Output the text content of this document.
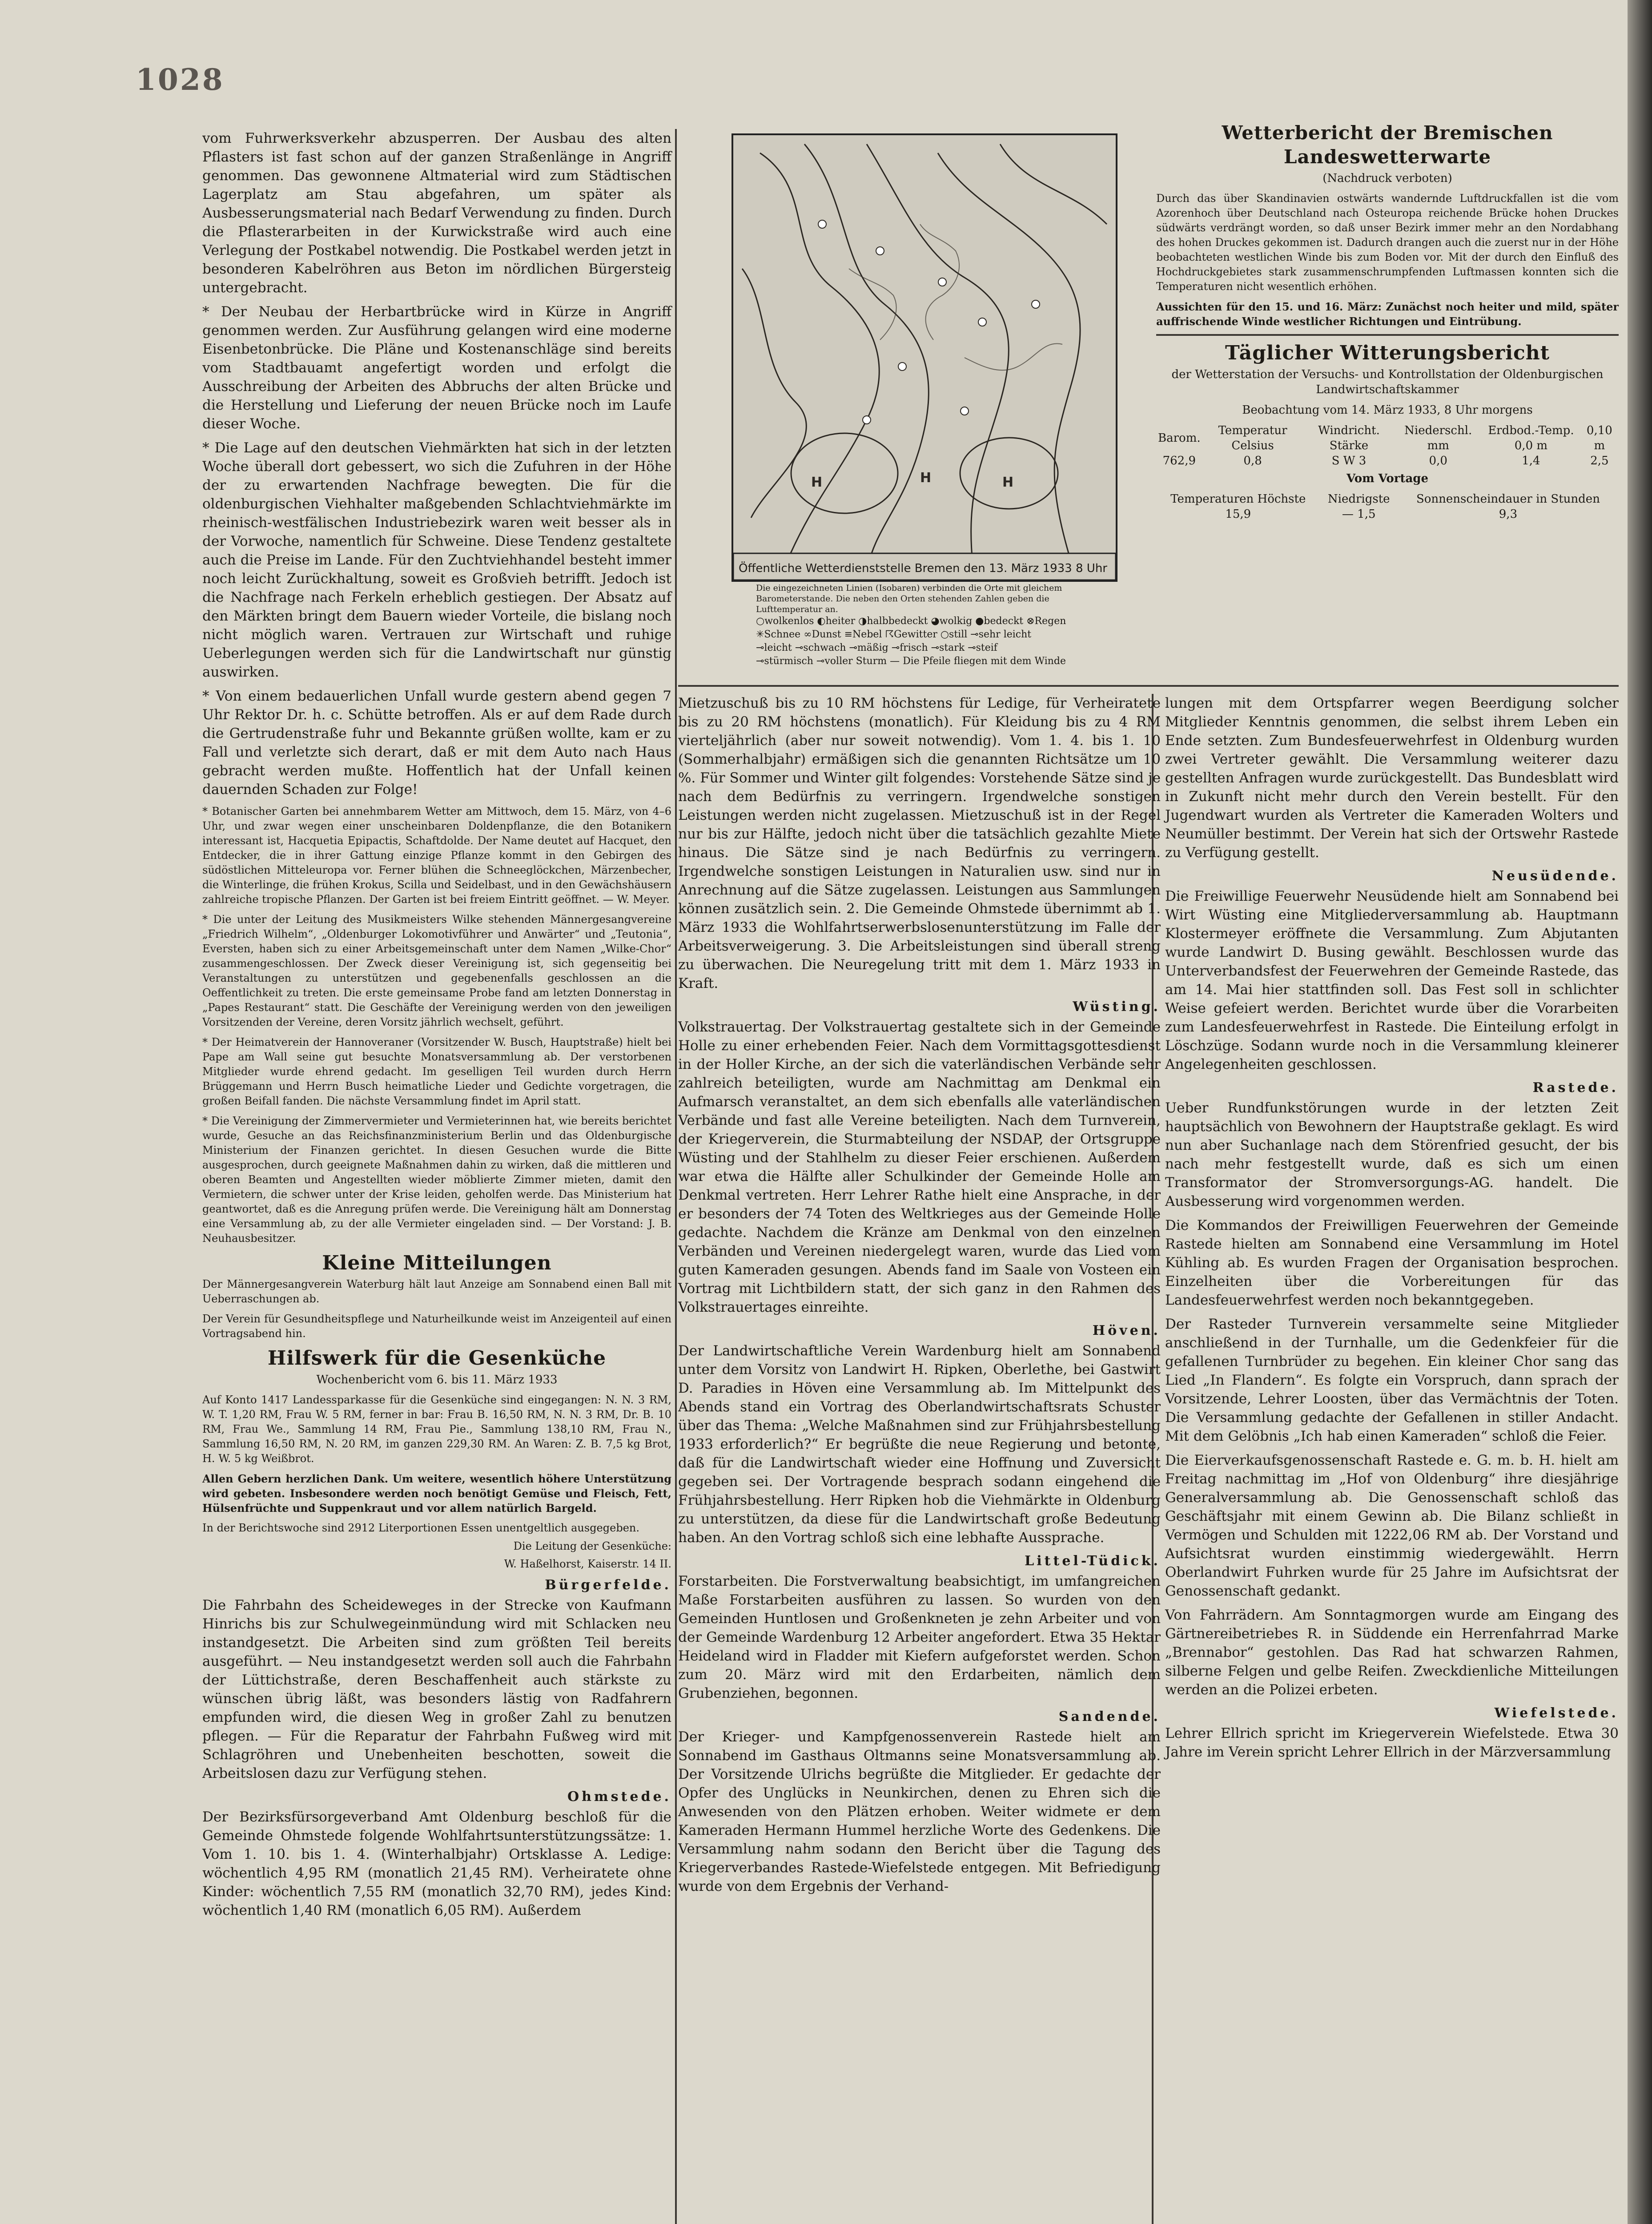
1028

vom Fuhrwerksverkehr abzusperren. Der Ausbau des alten Pflasters ist fast schon auf der ganzen Straßenlänge in Angriff genommen. Das gewonnene Altmaterial wird zum Städtischen Lagerplatz am Stau abgefahren, um später als Ausbesserungsmaterial nach Bedarf Verwendung zu finden. Durch die Pflasterarbeiten in der Kurwickstraße wird auch eine Verlegung der Postkabel notwendig. Die Postkabel werden jetzt in besonderen Kabelröhren aus Beton im nördlichen Bürgersteig untergebracht.

* Der Neubau der Herbartbrücke wird in Kürze in Angriff genommen werden. Zur Ausführung gelangen wird eine moderne Eisenbetonbrücke. Die Pläne und Kostenanschläge sind bereits vom Stadtbauamt angefertigt worden und erfolgt die Ausschreibung der Arbeiten des Abbruchs der alten Brücke und die Herstellung und Lieferung der neuen Brücke noch im Laufe dieser Woche.

* Die Lage auf den deutschen Viehmärkten hat sich in der letzten Woche überall dort gebessert, wo sich die Zufuhren in der Höhe der zu erwartenden Nachfrage bewegten. Die für die oldenburgischen Viehhalter maßgebenden Schlachtviehmärkte im rheinisch-westfälischen Industriebezirk waren weit besser als in der Vorwoche, namentlich für Schweine. Diese Tendenz gestaltete auch die Preise im Lande. Für den Zuchtviehhandel besteht immer noch leicht Zurückhaltung, soweit es Großvieh betrifft. Jedoch ist die Nachfrage nach Ferkeln erheblich gestiegen. Der Absatz auf den Märkten bringt dem Bauern wieder Vorteile, die bislang noch nicht möglich waren. Vertrauen zur Wirtschaft und ruhige Ueberlegungen werden sich für die Landwirtschaft nur günstig auswirken.

* Von einem bedauerlichen Unfall wurde gestern abend gegen 7 Uhr Rektor Dr. h. c. Schütte betroffen. Als er auf dem Rade durch die Gertrudenstraße fuhr und Bekannte grüßen wollte, kam er zu Fall und verletzte sich derart, daß er mit dem Auto nach Haus gebracht werden mußte. Hoffentlich hat der Unfall keinen dauernden Schaden zur Folge!

* Botanischer Garten bei annehmbarem Wetter am Mittwoch, dem 15. März, von 4–6 Uhr, und zwar wegen einer unscheinbaren Doldenpflanze, die den Botanikern interessant ist, Hacquetia Epipactis, Schaftdolde. Der Name deutet auf Hacquet, den Entdecker, die in ihrer Gattung einzige Pflanze kommt in den Gebirgen des südöstlichen Mitteleuropa vor. Ferner blühen die Schneeglöckchen, Märzenbecher, die Winterlinge, die frühen Krokus, Scilla und Seidelbast, und in den Gewächshäusern zahlreiche tropische Pflanzen. Der Garten ist bei freiem Eintritt geöffnet. — W. Meyer.

* Die unter der Leitung des Musikmeisters Wilke stehenden Männergesangvereine „Friedrich Wilhelm“, „Oldenburger Lokomotivführer und Anwärter“ und „Teutonia“, Eversten, haben sich zu einer Arbeitsgemeinschaft unter dem Namen „Wilke-Chor“ zusammengeschlossen. Der Zweck dieser Vereinigung ist, sich gegenseitig bei Veranstaltungen zu unterstützen und gegebenenfalls geschlossen an die Oeffentlichkeit zu treten. Die erste gemeinsame Probe fand am letzten Donnerstag in „Papes Restaurant“ statt. Die Geschäfte der Vereinigung werden von den jeweiligen Vorsitzenden der Vereine, deren Vorsitz jährlich wechselt, geführt.

* Der Heimatverein der Hannoveraner (Vorsitzender W. Busch, Hauptstraße) hielt bei Pape am Wall seine gut besuchte Monatsversammlung ab. Der verstorbenen Mitglieder wurde ehrend gedacht. Im geselligen Teil wurden durch Herrn Brüggemann und Herrn Busch heimatliche Lieder und Gedichte vorgetragen, die großen Beifall fanden. Die nächste Versammlung findet im April statt.

* Die Vereinigung der Zimmervermieter und Vermieterinnen hat, wie bereits berichtet wurde, Gesuche an das Reichsfinanzministerium Berlin und das Oldenburgische Ministerium der Finanzen gerichtet. In diesen Gesuchen wurde die Bitte ausgesprochen, durch geeignete Maßnahmen dahin zu wirken, daß die mittleren und oberen Beamten und Angestellten wieder möblierte Zimmer mieten, damit den Vermietern, die schwer unter der Krise leiden, geholfen werde. Das Ministerium hat geantwortet, daß es die Anregung prüfen werde. Die Vereinigung hält am Donnerstag eine Versammlung ab, zu der alle Vermieter eingeladen sind. — Der Vorstand: J. B. Neuhausbesitzer.

Kleine Mitteilungen

Der Männergesangverein Waterburg hält laut Anzeige am Sonnabend einen Ball mit Ueberraschungen ab.

Der Verein für Gesundheitspflege und Naturheilkunde weist im Anzeigenteil auf einen Vortragsabend hin.

Hilfswerk für die Gesenküche
Wochenbericht vom 6. bis 11. März 1933

Auf Konto 1417 Landessparkasse für die Gesenküche sind eingegangen: N. N. 3 RM, W. T. 1,20 RM, Frau W. 5 RM, ferner in bar: Frau B. 16,50 RM, N. N. 3 RM, Dr. B. 10 RM, Frau We., Sammlung 14 RM, Frau Pie., Sammlung 138,10 RM, Frau N., Sammlung 16,50 RM, N. 20 RM, im ganzen 229,30 RM. An Waren: Z. B. 7,5 kg Brot, H. W. 5 kg Weißbrot.

Allen Gebern herzlichen Dank. Um weitere, wesentlich höhere Unterstützung wird gebeten. Insbesondere werden noch benötigt Gemüse und Fleisch, Fett, Hülsenfrüchte und Suppenkraut und vor allem natürlich Bargeld.

In der Berichtswoche sind 2912 Literportionen Essen unentgeltlich ausgegeben.

Die Leitung der Gesenküche:
W. Haßelhorst, Kaiserstr. 14 II.
Bürgerfelde.

Die Fahrbahn des Scheideweges in der Strecke von Kaufmann Hinrichs bis zur Schulwegeinmündung wird mit Schlacken neu instandgesetzt. Die Arbeiten sind zum größten Teil bereits ausgeführt. — Neu instandgesetzt werden soll auch die Fahrbahn der Lüttichstraße, deren Beschaffenheit auch stärkste zu wünschen übrig läßt, was besonders lästig von Radfahrern empfunden wird, die diesen Weg in großer Zahl zu benutzen pflegen. — Für die Reparatur der Fahrbahn Fußweg wird mit Schlagröhren und Unebenheiten beschotten, soweit die Arbeitslosen dazu zur Verfügung stehen.

Ohmstede.

Der Bezirksfürsorgeverband Amt Oldenburg beschloß für die Gemeinde Ohmstede folgende Wohlfahrtsunterstützungssätze: 1. Vom 1. 10. bis 1. 4. (Winterhalbjahr) Ortsklasse A. Ledige: wöchentlich 4,95 RM (monatlich 21,45 RM). Verheiratete ohne Kinder: wöchentlich 7,55 RM (monatlich 32,70 RM), jedes Kind: wöchentlich 1,40 RM (monatlich 6,05 RM). Außerdem

H	H
H
Öffentliche Wetterdienststelle Bremen den 13. März 1933 8 Uhr
Die eingezeichneten Linien (Isobaren) verbinden die Orte mit gleichem Barometerstande. Die neben den Orten stehenden Zahlen geben die Lufttemperatur an.
○wolkenlos ◐heiter ◑halbbedeckt ◕wolkig ●bedeckt ⊗Regen
✳Schnee ∞Dunst ≡Nebel ☈Gewitter ○still ⊸sehr leicht
⊸leicht ⊸schwach ⊸mäßig ⊸frisch ⊸stark ⊸steif
⊸stürmisch ⊸voller Sturm — Die Pfeile fliegen mit dem Winde
Wetterbericht der Bremischen Landeswetterwarte
(Nachdruck verboten)

Durch das über Skandinavien ostwärts wandernde Luftdruckfallen ist die vom Azorenhoch über Deutschland nach Osteuropa reichende Brücke hohen Druckes südwärts verdrängt worden, so daß unser Bezirk immer mehr an den Nordabhang des hohen Druckes gekommen ist. Dadurch drangen auch die zuerst nur in der Höhe beobachteten westlichen Winde bis zum Boden vor. Mit der durch den Einfluß des Hochdruckgebietes stark zusammenschrumpfenden Luftmassen konnten sich die Temperaturen nicht wesentlich erhöhen.

Aussichten für den 15. und 16. März: Zunächst noch heiter und mild, später auffrischende Winde westlicher Richtungen und Eintrübung.

Täglicher Witterungsbericht
der Wetterstation der Versuchs- und Kontrollstation der Oldenburgischen Landwirtschaftskammer
Beobachtung vom 14. März 1933, 8 Uhr morgens
Barom.	Temperatur Celsius	Windricht. Stärke	Niederschl. mm	Erdbod.-Temp. 0,0 m	0,10 m
762,9	0,8	S W 3	0,0	1,4	2,5
Vom Vortage
Temperaturen Höchste	Niedrigste	Sonnenscheindauer in Stunden
15,9	— 1,5	9,3

Mietzuschuß bis zu 10 RM höchstens für Ledige, für Verheiratete bis zu 20 RM höchstens (monatlich). Für Kleidung bis zu 4 RM vierteljährlich (aber nur soweit notwendig). Vom 1. 4. bis 1. 10 (Sommerhalbjahr) ermäßigen sich die genannten Richtsätze um 10 %. Für Sommer und Winter gilt folgendes: Vorstehende Sätze sind je nach dem Bedürfnis zu verringern. Irgendwelche sonstigen Leistungen werden nicht zugelassen. Mietzuschuß ist in der Regel nur bis zur Hälfte, jedoch nicht über die tatsächlich gezahlte Miete hinaus. Die Sätze sind je nach Bedürfnis zu verringern. Irgendwelche sonstigen Leistungen in Naturalien usw. sind nur in Anrechnung auf die Sätze zugelassen. Leistungen aus Sammlungen können zusätzlich sein. 2. Die Gemeinde Ohmstede übernimmt ab 1. März 1933 die Wohlfahrtserwerbslosenunterstützung im Falle der Arbeitsverweigerung. 3. Die Arbeitsleistungen sind überall streng zu überwachen. Die Neuregelung tritt mit dem 1. März 1933 in Kraft.

Wüsting.

Volkstrauertag. Der Volkstrauertag gestaltete sich in der Gemeinde Holle zu einer erhebenden Feier. Nach dem Vormittagsgottesdienst in der Holler Kirche, an der sich die vaterländischen Verbände sehr zahlreich beteiligten, wurde am Nachmittag am Denkmal ein Aufmarsch veranstaltet, an dem sich ebenfalls alle vaterländischen Verbände und fast alle Vereine beteiligten. Nach dem Turnverein, der Kriegerverein, die Sturmabteilung der NSDAP, der Ortsgruppe Wüsting und der Stahlhelm zu dieser Feier erschienen. Außerdem war etwa die Hälfte aller Schulkinder der Gemeinde Holle am Denkmal vertreten. Herr Lehrer Rathe hielt eine Ansprache, in der er besonders der 74 Toten des Weltkrieges aus der Gemeinde Holle gedachte. Nachdem die Kränze am Denkmal von den einzelnen Verbänden und Vereinen niedergelegt waren, wurde das Lied vom guten Kameraden gesungen. Abends fand im Saale von Vosteen ein Vortrag mit Lichtbildern statt, der sich ganz in den Rahmen des Volkstrauertages einreihte.

Höven.

Der Landwirtschaftliche Verein Wardenburg hielt am Sonnabend unter dem Vorsitz von Landwirt H. Ripken, Oberlethe, bei Gastwirt D. Paradies in Höven eine Versammlung ab. Im Mittelpunkt des Abends stand ein Vortrag des Oberlandwirtschaftsrats Schuster über das Thema: „Welche Maßnahmen sind zur Frühjahrsbestellung 1933 erforderlich?“ Er begrüßte die neue Regierung und betonte, daß für die Landwirtschaft wieder eine Hoffnung und Zuversicht gegeben sei. Der Vortragende besprach sodann eingehend die Frühjahrsbestellung. Herr Ripken hob die Viehmärkte in Oldenburg zu unterstützen, da diese für die Landwirtschaft große Bedeutung haben. An den Vortrag schloß sich eine lebhafte Aussprache.

Littel-Tüdick.

Forstarbeiten. Die Forstverwaltung beabsichtigt, im umfangreichen Maße Forstarbeiten ausführen zu lassen. So wurden von den Gemeinden Huntlosen und Großenkneten je zehn Arbeiter und von der Gemeinde Wardenburg 12 Arbeiter angefordert. Etwa 35 Hektar Heideland wird in Fladder mit Kiefern aufgeforstet werden. Schon zum 20. März wird mit den Erdarbeiten, nämlich dem Grubenziehen, begonnen.

Sandende.

Der Krieger- und Kampfgenossenverein Rastede hielt am Sonnabend im Gasthaus Oltmanns seine Monatsversammlung ab. Der Vorsitzende Ulrichs begrüßte die Mitglieder. Er gedachte der Opfer des Unglücks in Neunkirchen, denen zu Ehren sich die Anwesenden von den Plätzen erhoben. Weiter widmete er dem Kameraden Hermann Hummel herzliche Worte des Gedenkens. Die Versammlung nahm sodann den Bericht über die Tagung des Kriegerverbandes Rastede-Wiefelstede entgegen. Mit Befriedigung wurde von dem Ergebnis der Verhand-

lungen mit dem Ortspfarrer wegen Beerdigung solcher Mitglieder Kenntnis genommen, die selbst ihrem Leben ein Ende setzten. Zum Bundesfeuerwehrfest in Oldenburg wurden zwei Vertreter gewählt. Die Versammlung weiterer dazu gestellten Anfragen wurde zurückgestellt. Das Bundesblatt wird in Zukunft nicht mehr durch den Verein bestellt. Für den Jugendwart wurden als Vertreter die Kameraden Wolters und Neumüller bestimmt. Der Verein hat sich der Ortswehr Rastede zu Verfügung gestellt.

Neusüdende.

Die Freiwillige Feuerwehr Neusüdende hielt am Sonnabend bei Wirt Wüsting eine Mitgliederversammlung ab. Hauptmann Klostermeyer eröffnete die Versammlung. Zum Abjutanten wurde Landwirt D. Busing gewählt. Beschlossen wurde das Unterverbandsfest der Feuerwehren der Gemeinde Rastede, das am 14. Mai hier stattfinden soll. Das Fest soll in schlichter Weise gefeiert werden. Berichtet wurde über die Vorarbeiten zum Landesfeuerwehrfest in Rastede. Die Einteilung erfolgt in Löschzüge. Sodann wurde noch in die Versammlung kleinerer Angelegenheiten geschlossen.

Rastede.

Ueber Rundfunkstörungen wurde in der letzten Zeit hauptsächlich von Bewohnern der Hauptstraße geklagt. Es wird nun aber Suchanlage nach dem Störenfried gesucht, der bis nach mehr festgestellt wurde, daß es sich um einen Transformator der Stromversorgungs-AG. handelt. Die Ausbesserung wird vorgenommen werden.

Die Kommandos der Freiwilligen Feuerwehren der Gemeinde Rastede hielten am Sonnabend eine Versammlung im Hotel Kühling ab. Es wurden Fragen der Organisation besprochen. Einzelheiten über die Vorbereitungen für das Landesfeuerwehrfest werden noch bekanntgegeben.

Der Rasteder Turnverein versammelte seine Mitglieder anschließend in der Turnhalle, um die Gedenkfeier für die gefallenen Turnbrüder zu begehen. Ein kleiner Chor sang das Lied „In Flandern“. Es folgte ein Vorspruch, dann sprach der Vorsitzende, Lehrer Loosten, über das Vermächtnis der Toten. Die Versammlung gedachte der Gefallenen in stiller Andacht. Mit dem Gelöbnis „Ich hab einen Kameraden“ schloß die Feier.

Die Eierverkaufsgenossenschaft Rastede e. G. m. b. H. hielt am Freitag nachmittag im „Hof von Oldenburg“ ihre diesjährige Generalversammlung ab. Die Genossenschaft schloß das Geschäftsjahr mit einem Gewinn ab. Die Bilanz schließt in Vermögen und Schulden mit 1222,06 RM ab. Der Vorstand und Aufsichtsrat wurden einstimmig wiedergewählt. Herrn Oberlandwirt Fuhrken wurde für 25 Jahre im Aufsichtsrat der Genossenschaft gedankt.

Von Fahrrädern. Am Sonntagmorgen wurde am Eingang des Gärtnereibetriebes R. in Süddende ein Herrenfahrrad Marke „Brennabor“ gestohlen. Das Rad hat schwarzen Rahmen, silberne Felgen und gelbe Reifen. Zweckdienliche Mitteilungen werden an die Polizei erbeten.

Wiefelstede.

Lehrer Ellrich spricht im Kriegerverein Wiefelstede. Etwa 30 Jahre im Verein spricht Lehrer Ellrich in der Märzversammlung
